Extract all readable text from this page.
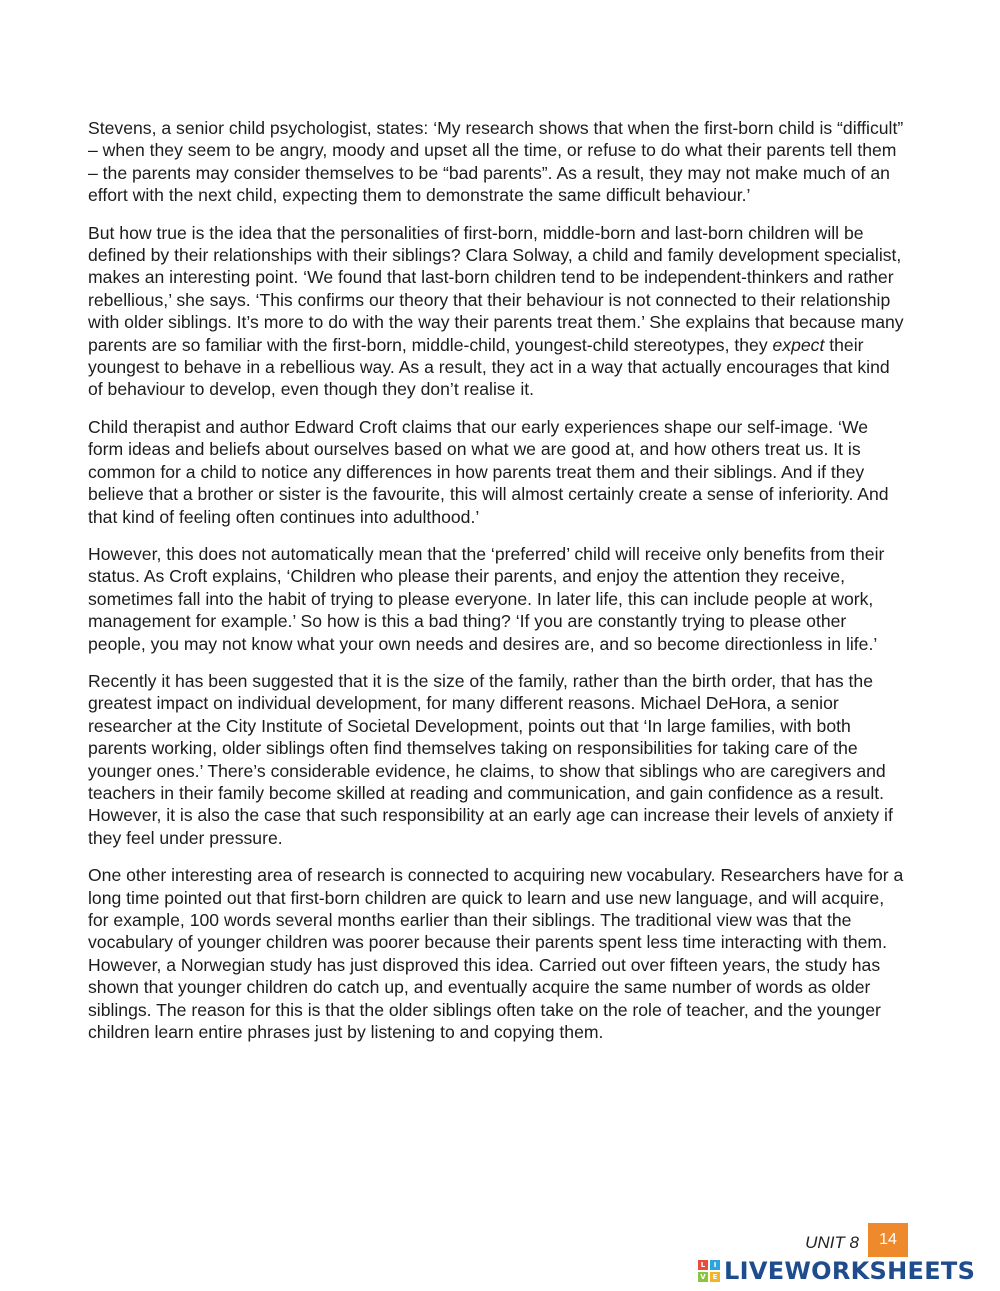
Stevens, a senior child psychologist, states: ‘My research shows that when the first-born child is “difficult” – when they seem to be angry, moody and upset all the time, or refuse to do what their parents tell them – the parents may consider themselves to be “bad parents”. As a result, they may not make much of an effort with the next child, expecting them to demonstrate the same difficult behaviour.’

But how true is the idea that the personalities of first-born, middle-born and last-born children will be defined by their relationships with their siblings? Clara Solway, a child and family development specialist, makes an interesting point. ‘We found that last-born children tend to be independent-thinkers and rather rebellious,’ she says. ‘This confirms our theory that their behaviour is not connected to their relationship with older siblings. It’s more to do with the way their parents treat them.’ She explains that because many parents are so familiar with the first-born, middle-child, youngest-child stereotypes, they expect their youngest to behave in a rebellious way. As a result, they act in a way that actually encourages that kind of behaviour to develop, even though they don’t realise it.

Child therapist and author Edward Croft claims that our early experiences shape our self-image. ‘We form ideas and beliefs about ourselves based on what we are good at, and how others treat us. It is common for a child to notice any differences in how parents treat them and their siblings. And if they believe that a brother or sister is the favourite, this will almost certainly create a sense of inferiority. And that kind of feeling often continues into adulthood.’

However, this does not automatically mean that the ‘preferred’ child will receive only benefits from their status. As Croft explains, ‘Children who please their parents, and enjoy the attention they receive, sometimes fall into the habit of trying to please everyone. In later life, this can include people at work, management for example.’ So how is this a bad thing? ‘If you are constantly trying to please other people, you may not know what your own needs and desires are, and so become directionless in life.’

Recently it has been suggested that it is the size of the family, rather than the birth order, that has the greatest impact on individual development, for many different reasons. Michael DeHora, a senior researcher at the City Institute of Societal Development, points out that ‘In large families, with both parents working, older siblings often find themselves taking on responsibilities for taking care of the younger ones.’ There’s considerable evidence, he claims, to show that siblings who are caregivers and teachers in their family become skilled at reading and communication, and gain confidence as a result. However, it is also the case that such responsibility at an early age can increase their levels of anxiety if they feel under pressure.

One other interesting area of research is connected to acquiring new vocabulary. Researchers have for a long time pointed out that first-born children are quick to learn and use new language, and will acquire, for example, 100 words several months earlier than their siblings. The traditional view was that the vocabulary of younger children was poorer because their parents spent less time interacting with them. However, a Norwegian study has just disproved this idea. Carried out over fifteen years, the study has shown that younger children do catch up, and eventually acquire the same number of words as older siblings. The reason for this is that the older siblings often take on the role of teacher, and the younger children learn entire phrases just by listening to and copying them.

UNIT 8	14
L	I
V E LIVEWORKSHEETS
